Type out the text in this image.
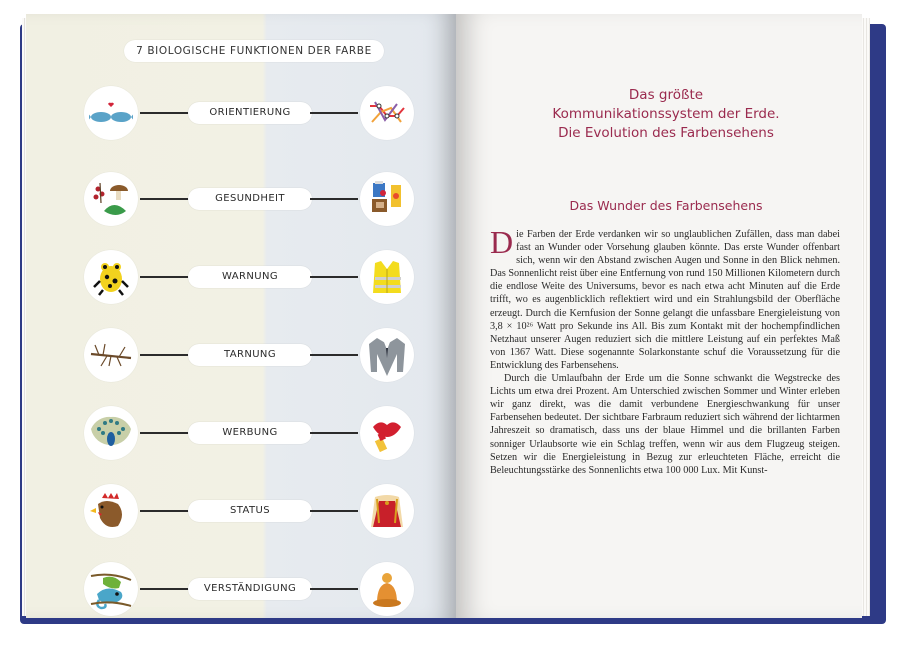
7 BIOLOGISCHE FUNKTIONEN DER FARBE
ORIENTIERUNG
GESUNDHEIT
WARNUNG
TARNUNG
WERBUNG
STATUS
VERSTÄNDIGUNG
Das größte
Kommunikationssystem der Erde.
Die Evolution des Farbensehens
Das Wunder des Farbensehens

Die Farben der Erde verdanken wir so unglaublichen Zufällen, dass man dabei fast an Wunder oder Vorsehung glauben könnte. Das erste Wunder offenbart sich, wenn wir den Abstand zwischen Augen und Sonne in den Blick nehmen. Das Sonnenlicht reist über eine Entfernung von rund 150 Millionen Kilometern durch die endlose Weite des Universums, bevor es nach etwa acht Minuten auf die Erde trifft, wo es augenblicklich reflektiert wird und ein Strahlungsbild der Oberfläche erzeugt. Durch die Kernfusion der Sonne gelangt die unfassbare Energieleistung von 3,8 × 10²⁶ Watt pro Sekunde ins All. Bis zum Kontakt mit der hochempfindlichen Netzhaut unserer Augen reduziert sich die mittlere Leistung auf ein perfektes Maß von 1367 Watt. Diese sogenannte Solarkonstante schuf die Voraussetzung für die Entwicklung des Farbensehens.

Durch die Umlaufbahn der Erde um die Sonne schwankt die Wegstrecke des Lichts um etwa drei Prozent. Am Unterschied zwischen Sommer und Winter erleben wir ganz direkt, was die damit verbundene Energieschwankung für unser Farbensehen bedeutet. Der sichtbare Farbraum reduziert sich während der lichtarmen Jahreszeit so dramatisch, dass uns der blaue Himmel und die brillanten Farben sonniger Urlaubsorte wie ein Schlag treffen, wenn wir aus dem Flugzeug steigen. Setzen wir die Energieleistung in Bezug zur erleuchteten Fläche, erreicht die Beleuchtungsstärke des Sonnenlichts etwa 100 000 Lux. Mit Kunst-
